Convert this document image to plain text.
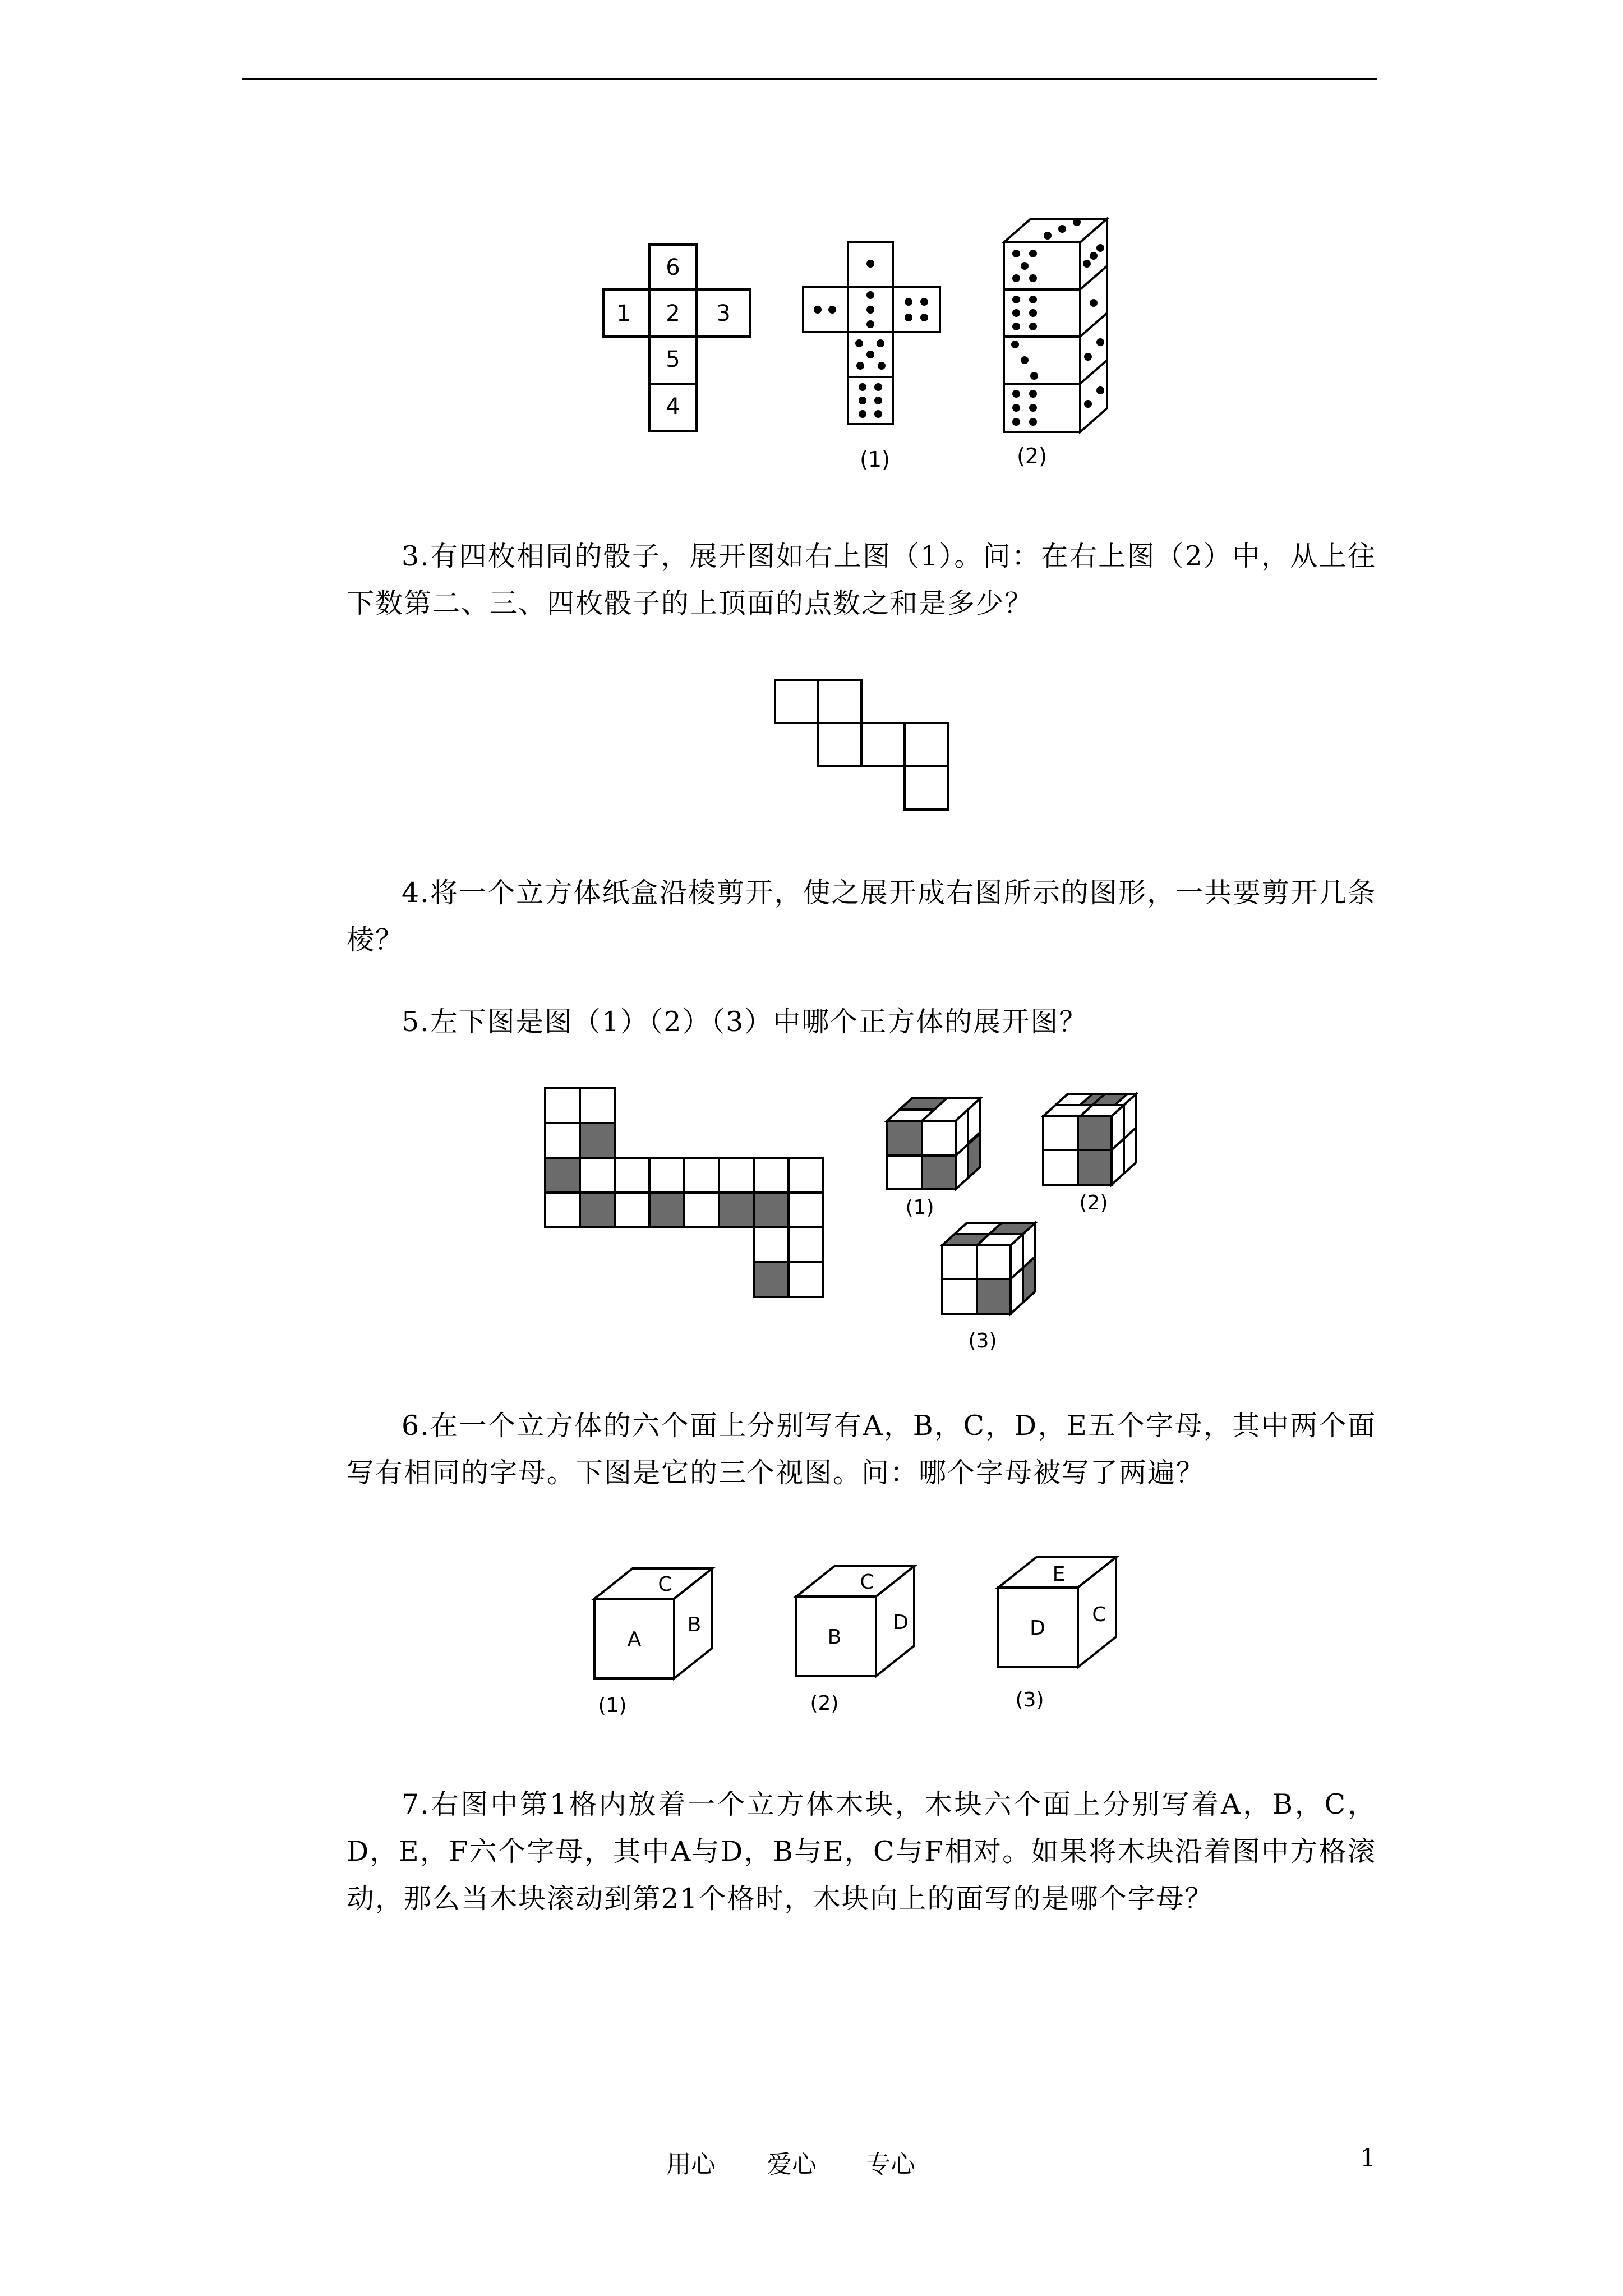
6
1 2 3
5
4
(1)	(2)

3.有四枚相同的骰子，展开图如右上图（1）。问：在右上图（2）中，从上往下数第二、三、四枚骰子的上顶面的点数之和是多少？

4.将一个立方体纸盒沿棱剪开，使之展开成右图所示的图形，一共要剪开几条棱？

5.左下图是图（1）（2）（3）中哪个正方体的展开图？

(1)	(2)
(3)

6.在一个立方体的六个面上分别写有A，B，C，D，E五个字母，其中两个面写有相同的字母。下图是它的三个视图。问：哪个字母被写了两遍？

C
A
B
(1)
C
B
D
(2)
E
D
C
(3)

7.右图中第1格内放着一个立方体木块，木块六个面上分别写着A，B，C，D，E，F六个字母，其中A与D，B与E，C与F相对。如果将木块沿着图中方格滚动，那么当木块滚动到第21个格时，木块向上的面写的是哪个字母？

用心 爱心 专心	1
